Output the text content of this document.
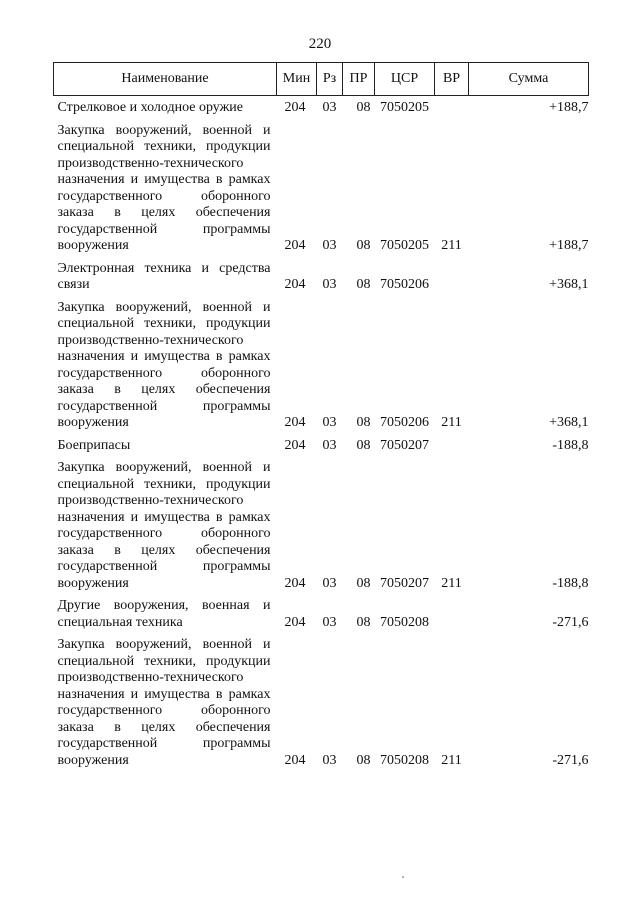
220
Наименование	Мин	Рз	ПР	ЦСР	ВР	Сумма
Стрелковое и холодное оружие	204	03	08	7050205		+188,7
Закупка вооружений, военной и специальной техники, продукции производственно-технического назначения и имущества в рамках государственного оборонного заказа в целях обеспечения государственной программы вооружения	204	03	08	7050205	211	+188,7
Электронная техника и средства связи	204	03	08	7050206		+368,1
Закупка вооружений, военной и специальной техники, продукции производственно-технического назначения и имущества в рамках государственного оборонного заказа в целях обеспечения государственной программы вооружения	204	03	08	7050206	211	+368,1
Боеприпасы	204	03	08	7050207		-188,8
Закупка вооружений, военной и специальной техники, продукции производственно-технического назначения и имущества в рамках государственного оборонного заказа в целях обеспечения государственной программы вооружения	204	03	08	7050207	211	-188,8
Другие вооружения, военная и специальная техника	204	03	08	7050208		-271,6
Закупка вооружений, военной и специальной техники, продукции производственно-технического назначения и имущества в рамках государственного оборонного заказа в целях обеспечения государственной программы вооружения	204	03	08	7050208	211	-271,6
